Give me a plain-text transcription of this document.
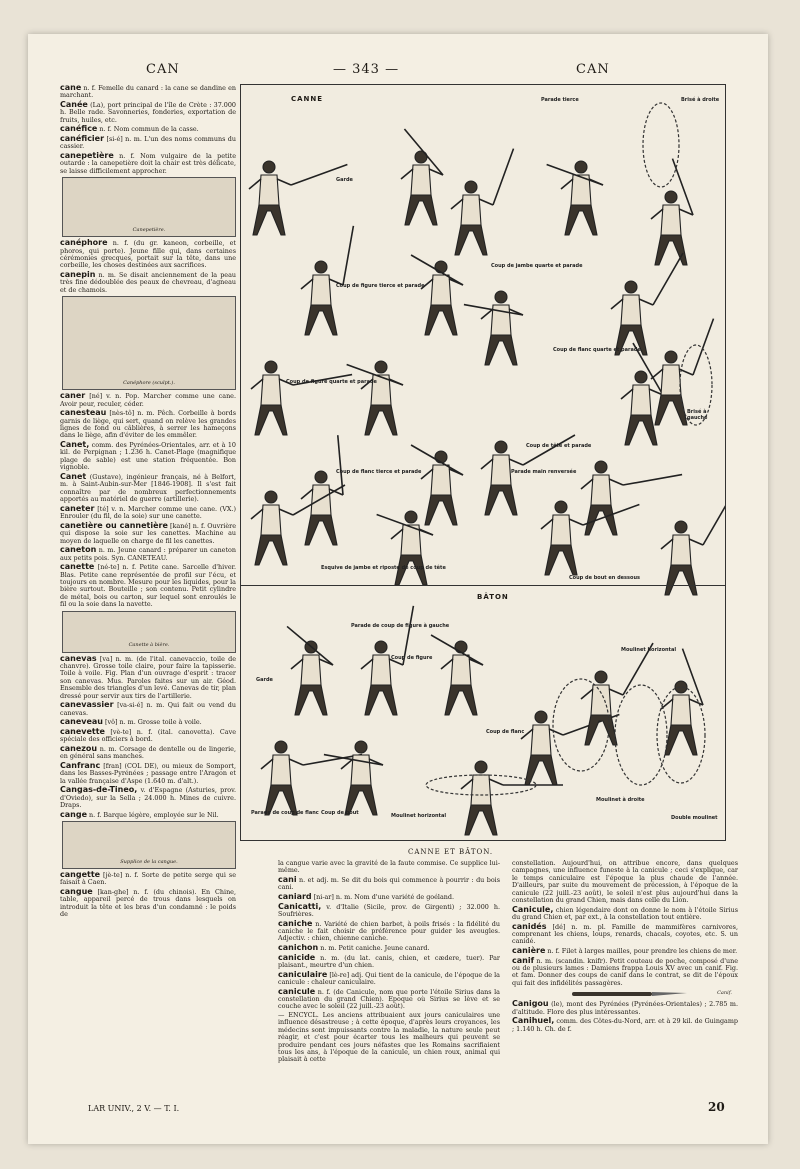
CAN	— 343 —	CAN

cane n. f. Femelle du canard : la cane se dandine en marchant.

Canée (La), port principal de l'île de Crète : 37.000 h. Belle rade. Savonneries, fonderies, exportation de fruits, huiles, etc.

canéfice n. f. Nom commun de la casse.

canéficier [si-é] n. m. L'un des noms communs du cassier.

canepetière n. f. Nom vulgaire de la petite outarde : la canepetière doit la chair est très délicate, se laisse difficilement approcher.

Canepetière.

canéphore n. f. (du gr. kaneon, corbeille, et phoros, qui porte). Jeune fille qui, dans certaines cérémonies grecques, portait sur la tête, dans une corbeille, les choses destinées aux sacrifices.

canepin n. m. Se disait anciennement de la peau très fine dédoublée des peaux de chevreau, d'agneau et de chamois.

Canéphore (sculpt.).

caner [né] v. n. Pop. Marcher comme une cane. Avoir peur, reculer, céder.

canesteau [nès-tô] n. m. Pêch. Corbeille à bords garnis de liège, qui sert, quand on relève les grandes lignes de fond ou câblières, à serrer les hameçons dans le liège, afin d'éviter de les emmêler.

Canet, comm. des Pyrénées-Orientales, arr. et à 10 kil. de Perpignan ; 1.236 h. Canet-Plage (magnifique plage de sable) est une station fréquentée. Bon vignoble.

Canet (Gustave), ingénieur français, né à Belfort, m. à Saint-Aubin-sur-Mer [1846-1908]. Il s'est fait connaître par de nombreux perfectionnements apportés au matériel de guerre (artillerie).

caneter [té] v. n. Marcher comme une cane. (VX.) Enrouler (du fil, de la soie) sur une canette.

canetière ou cannetière [kané] n. f. Ouvrière qui dispose la soie sur les canettes. Machine au moyen de laquelle on charge de fil les canettes.

caneton n. m. Jeune canard : préparer un caneton aux petits pois. Syn. CANETEAU.

canette [né-te] n. f. Petite cane. Sarcelle d'hiver. Blas. Petite cane représentée de profil sur l'écu, et toujours en nombre. Mesure pour les liquides, pour la bière surtout. Bouteille ; son contenu. Petit cylindre de métal, bois ou carton, sur lequel sont enroulés le fil ou la soie dans la navette.

Canette à bière.

canevas [va] n. m. (de l'ital. canevaccio, toile de chanvre). Grosse toile claire, pour faire la tapisserie. Toile à voile. Fig. Plan d'un ouvrage d'esprit : tracer son canevas. Mus. Paroles faites sur un air. Géod. Ensemble des triangles d'un levé. Canevas de tir, plan dressé pour servir aux tirs de l'artillerie.

canevassier [va-si-é] n. m. Qui fait ou vend du canevas.

caneveau [vô] n. m. Grosse toile à voile.

canevette [vè-te] n. f. (ital. canovetta). Cave spéciale des officiers à bord.

canezou n. m. Corsage de dentelle ou de lingerie, en général sans manches.

Canfranc [fran] (COL DE), ou mieux de Somport, dans les Basses-Pyrénées ; passage entre l'Aragon et la vallée française d'Aspe (1.640 m. d'alt.).

Cangas-de-Tineo, v. d'Espagne (Asturies, prov. d'Oviedo), sur la Sella ; 24.000 h. Mines de cuivre. Draps.

cange n. f. Barque légère, employée sur le Nil.

Supplice de la cangue.

cangette [jè-te] n. f. Sorte de petite serge qui se faisait à Caen.

cangue [kan-ghe] n. f. (du chinois). En Chine, table, appareil percé de trous dans lesquels on introduit la tête et les bras d'un condamné : le poids de

CANNE
BÂTON
Garde
Parade tierce	Brisé à droite
Coup de jambe quarte et parade
Coup de figure tierce et parade
Coup de flanc quarte et parade
Coup de figure quarte et parade
Brisé à gauche
Coup de tête et parade
Coup de flanc tierce et parade	Parade main renversée
Esquive de jambe et riposte de coup de tête
Coup de bout en dessous
Moulinet horizontal
Parade de coup de figure à gauche
Garde
Coup de figure
Coup de flanc
Moulinet à droite
Double moulinet
Parade de coup de flanc Coup de bout	Moulinet horizontal
CANNE ET BÂTON.

la cangue varie avec la gravité de la faute commise. Ce supplice lui-même.

cani n. et adj. m. Se dit du bois qui commence à pourrir : du bois cani.

caniard [ni-ar] n. m. Nom d'une variété de goéland.

Canicatti, v. d'Italie (Sicile, prov. de Girgenti) ; 32.000 h. Soufrières.

caniche n. Variété de chien barbet, à poils frisés : la fidélité du caniche le fait choisir de préférence pour guider les aveugles. Adjectiv. : chien, chienne caniche.

canichon n. m. Petit caniche. Jeune canard.

canicide n. m. (du lat. canis, chien, et cædere, tuer). Par plaisant., meurtre d'un chien.

caniculaire [lè-re] adj. Qui tient de la canicule, de l'époque de la canicule : chaleur caniculaire.

canicule n. f. (de Canicule, nom que porte l'étoile Sirius dans la constellation du grand Chien). Epoque où Sirius se lève et se couche avec le soleil (22 juill.-23 août).

— ENCYCL. Les anciens attribuaient aux jours caniculaires une influence désastreuse ; à cette époque, d'après leurs croyances, les médecins sont impuissants contre la maladie, la nature seule peut réagir, et c'est pour écarter tous les malheurs qui peuvent se produire pendant ces jours néfastes que les Romains sacrifiaient tous les ans, à l'époque de la canicule, un chien roux, animal qui plaisait à cette

constellation. Aujourd'hui, on attribue encore, dans quelques campagnes, une influence funeste à la canicule ; ceci s'explique, car le temps caniculaire est l'époque la plus chaude de l'année. D'ailleurs, par suite du mouvement de précession, à l'époque de la canicule (22 juill.-23 août), le soleil n'est plus aujourd'hui dans la constellation du grand Chien, mais dans celle du Lion.

Canicule, chien légendaire dont on donne le nom à l'étoile Sirius du grand Chien et, par ext., à la constellation tout entière.

canidés [dé] n. m. pl. Famille de mammifères carnivores, comprenant les chiens, loups, renards, chacals, coyotes, etc. S. un canidé.

canière n. f. Filet à larges mailles, pour prendre les chiens de mer.

canif n. m. (scandin. knifr). Petit couteau de poche, composé d'une ou de plusieurs lames : Damiens frappa Louis XV avec un canif. Fig. et fam. Donner des coups de canif dans le contrat, se dit de l'époux qui fait des infidélités passagères.

Canif.

Canigou (le), mont des Pyrénées (Pyrénées-Orientales) ; 2.785 m. d'altitude. Flore des plus intéressantes.

Canihuel, comm. des Côtes-du-Nord, arr. et à 29 kil. de Guingamp ; 1.140 h. Ch. de f.

LAR UNIV., 2 V. — T. I.	20
